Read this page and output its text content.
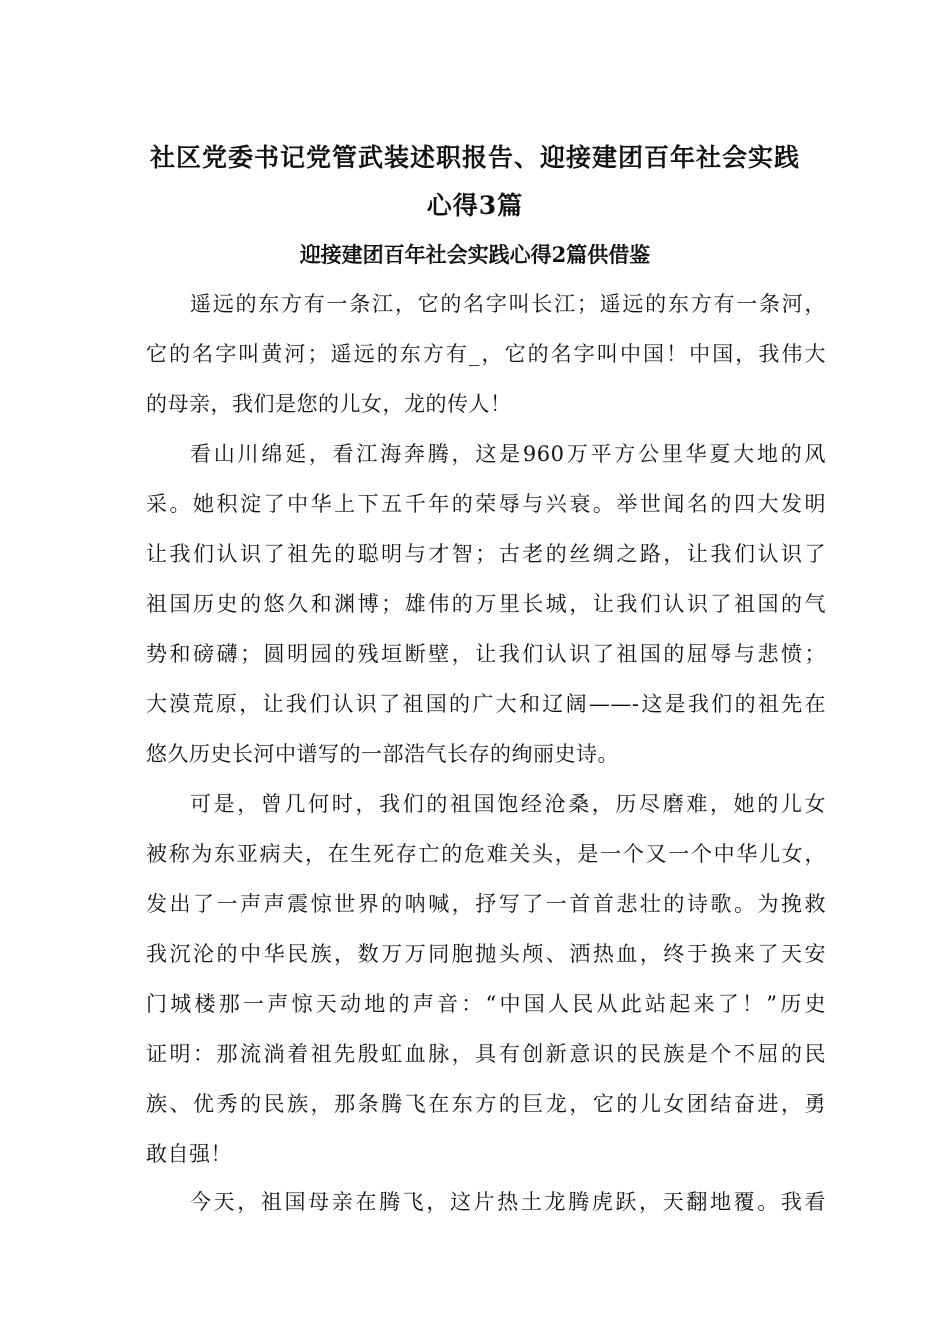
社区党委书记党管武装述职报告、迎接建团百年社会实践
心得3篇
迎接建团百年社会实践心得2篇供借鉴
遥远的东方有一条江，它的名字叫长江；遥远的东方有一条河，
它的名字叫黄河；遥远的东方有_，它的名字叫中国！中国，我伟大
的母亲，我们是您的儿女，龙的传人！
看山川绵延，看江海奔腾，这是960万平方公里华夏大地的风
采。她积淀了中华上下五千年的荣辱与兴衰。举世闻名的四大发明
让我们认识了祖先的聪明与才智；古老的丝绸之路，让我们认识了
祖国历史的悠久和渊博；雄伟的万里长城，让我们认识了祖国的气
势和磅礴；圆明园的残垣断壁，让我们认识了祖国的屈辱与悲愤；
大漠荒原，让我们认识了祖国的广大和辽阔——-这是我们的祖先在
悠久历史长河中谱写的一部浩气长存的绚丽史诗。
可是，曾几何时，我们的祖国饱经沧桑，历尽磨难，她的儿女
被称为东亚病夫，在生死存亡的危难关头，是一个又一个中华儿女，
发出了一声声震惊世界的呐喊，抒写了一首首悲壮的诗歌。为挽救
我沉沦的中华民族，数万万同胞抛头颅、洒热血，终于换来了天安
门城楼那一声惊天动地的声音：“中国人民从此站起来了！”历史
证明：那流淌着祖先殷虹血脉，具有创新意识的民族是个不屈的民
族、优秀的民族，那条腾飞在东方的巨龙，它的儿女团结奋进，勇
敢自强！
今天，祖国母亲在腾飞，这片热土龙腾虎跃，天翻地覆。我看
